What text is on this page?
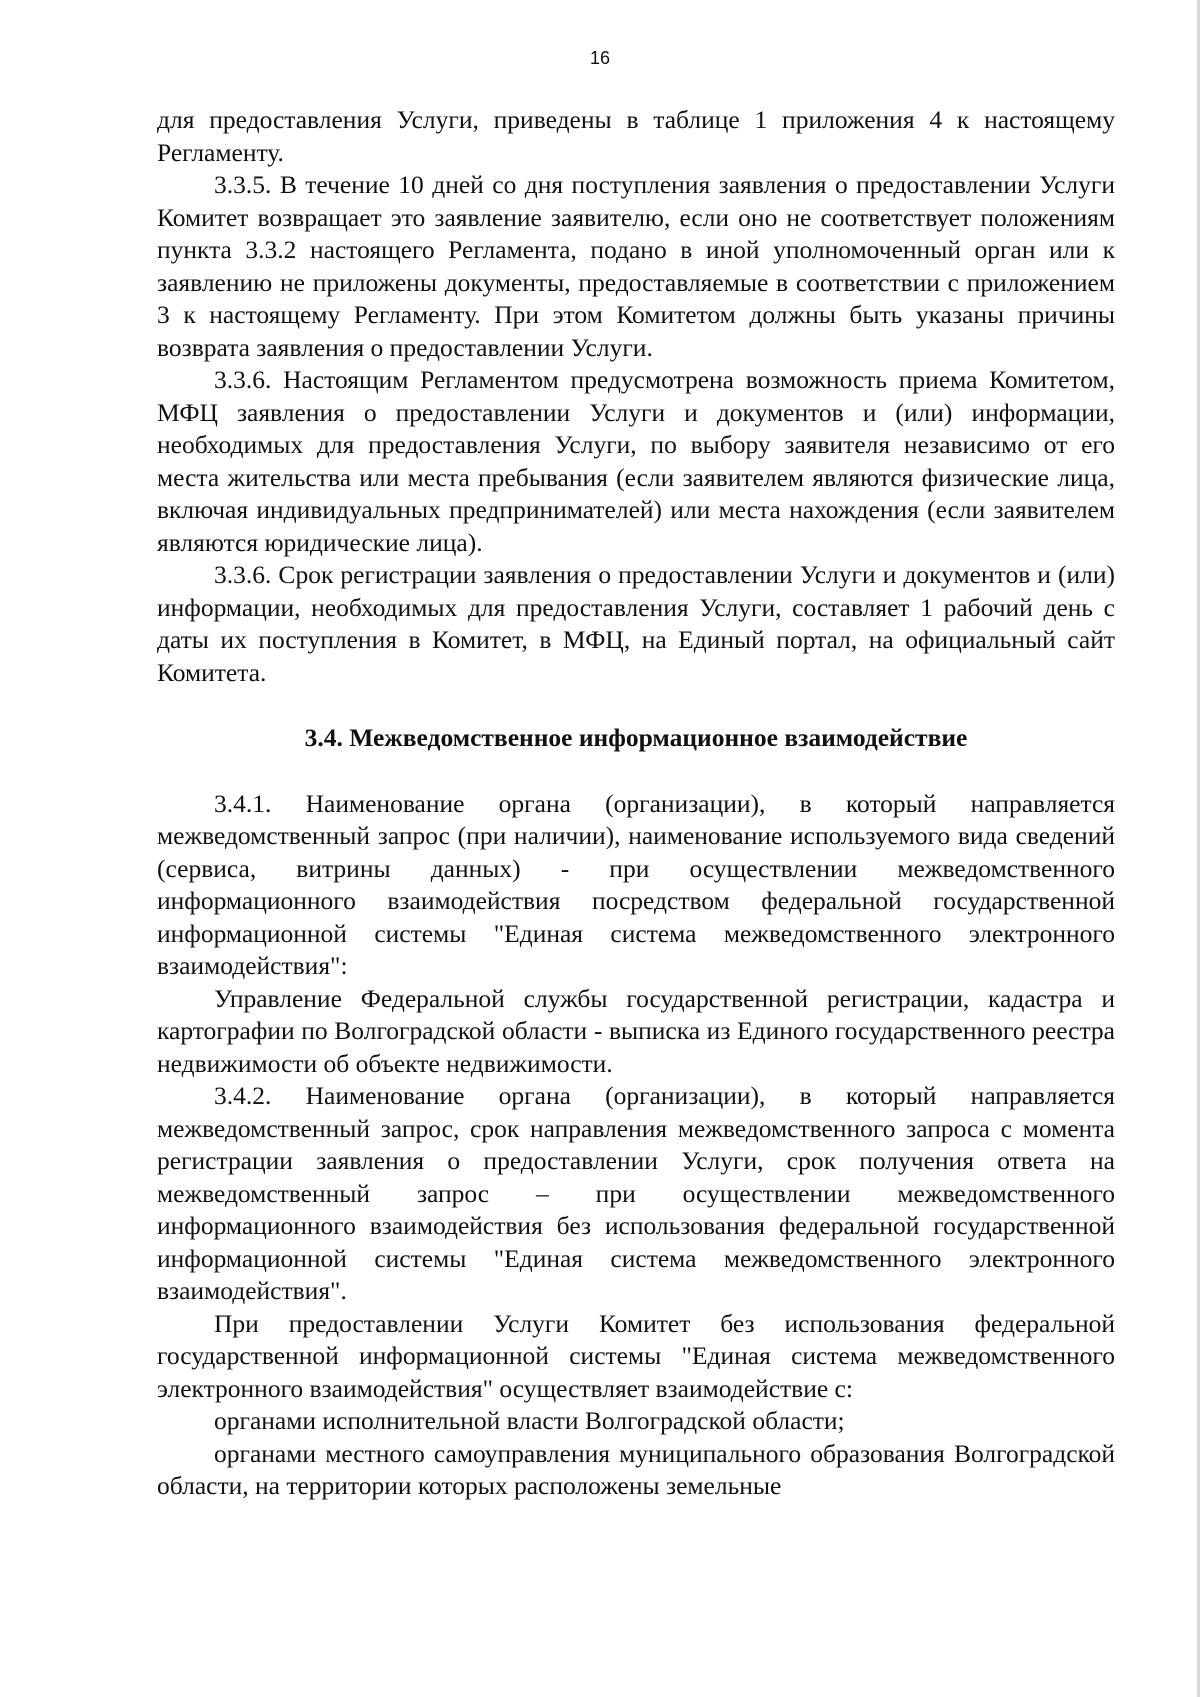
16

для предоставления Услуги, приведены в таблице 1 приложения 4 к настоящему Регламенту.

3.3.5. В течение 10 дней со дня поступления заявления о предоставлении Услуги Комитет возвращает это заявление заявителю, если оно не соответствует положениям пункта 3.3.2 настоящего Регламента, подано в иной уполномоченный орган или к заявлению не приложены документы, предоставляемые в соответствии с приложением 3 к настоящему Регламенту. При этом Комитетом должны быть указаны причины возврата заявления о предоставлении Услуги.

3.3.6. Настоящим Регламентом предусмотрена возможность приема Комитетом, МФЦ заявления о предоставлении Услуги и документов и (или) информации, необходимых для предоставления Услуги, по выбору заявителя независимо от его места жительства или места пребывания (если заявителем являются физические лица, включая индивидуальных предпринимателей) или места нахождения (если заявителем являются юридические лица).

3.3.6. Срок регистрации заявления о предоставлении Услуги и документов и (или) информации, необходимых для предоставления Услуги, составляет 1 рабочий день с даты их поступления в Комитет, в МФЦ, на Единый портал, на официальный сайт Комитета.

3.4. Межведомственное информационное взаимодействие

3.4.1. Наименование органа (организации), в который направляется межведомственный запрос (при наличии), наименование используемого вида сведений (сервиса, витрины данных) - при осуществлении межведомственного информационного взаимодействия посредством федеральной государственной информационной системы "Единая система межведомственного электронного взаимодействия":

Управление Федеральной службы государственной регистрации, кадастра и картографии по Волгоградской области - выписка из Единого государственного реестра недвижимости об объекте недвижимости.

3.4.2. Наименование органа (организации), в который направляется межведомственный запрос, срок направления межведомственного запроса с момента регистрации заявления о предоставлении Услуги, срок получения ответа на межведомственный запрос – при осуществлении межведомственного информационного взаимодействия без использования федеральной государственной информационной системы "Единая система межведомственного электронного взаимодействия".

При предоставлении Услуги Комитет без использования федеральной государственной информационной системы "Единая система межведомственного электронного взаимодействия" осуществляет взаимодействие с:

органами исполнительной власти Волгоградской области;

органами местного самоуправления муниципального образования Волгоградской области, на территории которых расположены земельные
